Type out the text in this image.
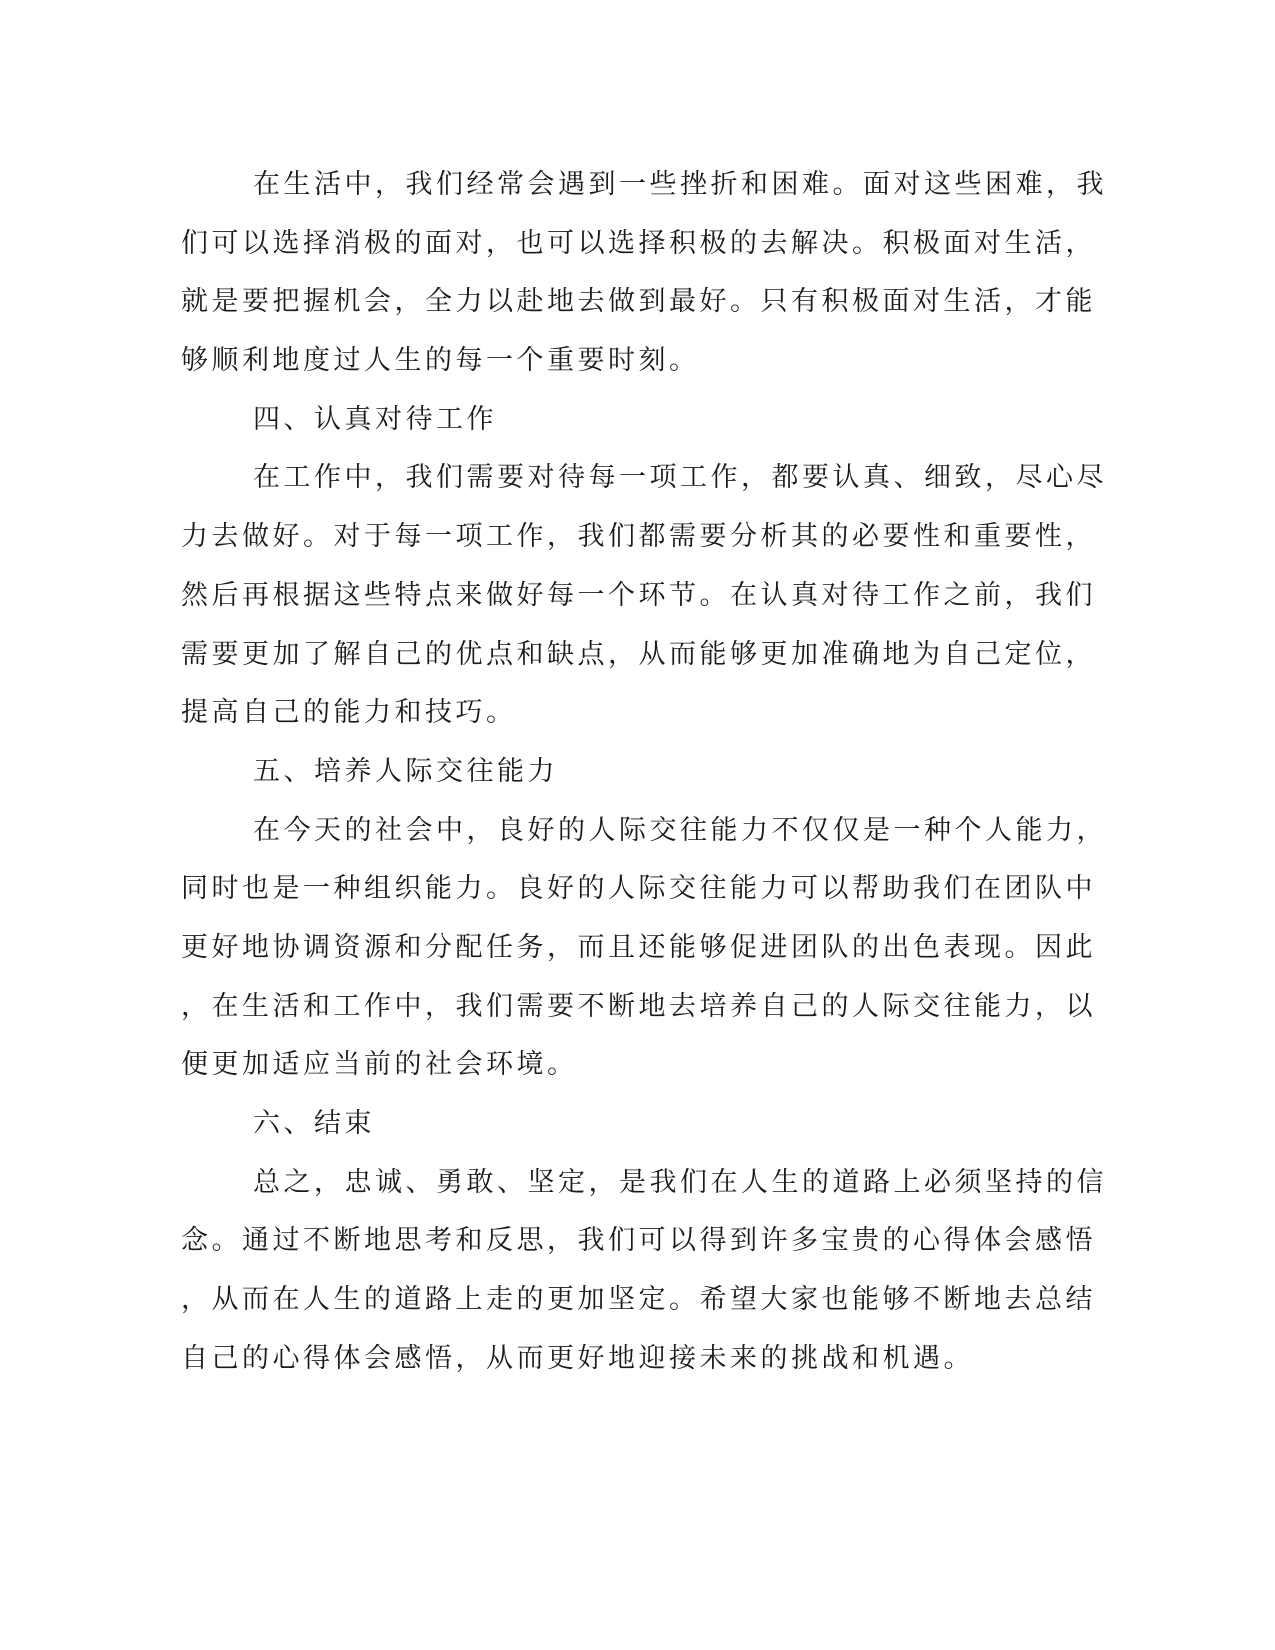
在生活中，我们经常会遇到一些挫折和困难。面对这些困难，我
们可以选择消极的面对，也可以选择积极的去解决。积极面对生活，
就是要把握机会，全力以赴地去做到最好。只有积极面对生活，才能
够顺利地度过人生的每一个重要时刻。
四、认真对待工作
在工作中，我们需要对待每一项工作，都要认真、细致，尽心尽
力去做好。对于每一项工作，我们都需要分析其的必要性和重要性，
然后再根据这些特点来做好每一个环节。在认真对待工作之前，我们
需要更加了解自己的优点和缺点，从而能够更加准确地为自己定位，
提高自己的能力和技巧。
五、培养人际交往能力
在今天的社会中，良好的人际交往能力不仅仅是一种个人能力，
同时也是一种组织能力。良好的人际交往能力可以帮助我们在团队中
更好地协调资源和分配任务，而且还能够促进团队的出色表现。因此
，在生活和工作中，我们需要不断地去培养自己的人际交往能力，以
便更加适应当前的社会环境。
六、结束
总之，忠诚、勇敢、坚定，是我们在人生的道路上必须坚持的信
念。通过不断地思考和反思，我们可以得到许多宝贵的心得体会感悟
，从而在人生的道路上走的更加坚定。希望大家也能够不断地去总结
自己的心得体会感悟，从而更好地迎接未来的挑战和机遇。
